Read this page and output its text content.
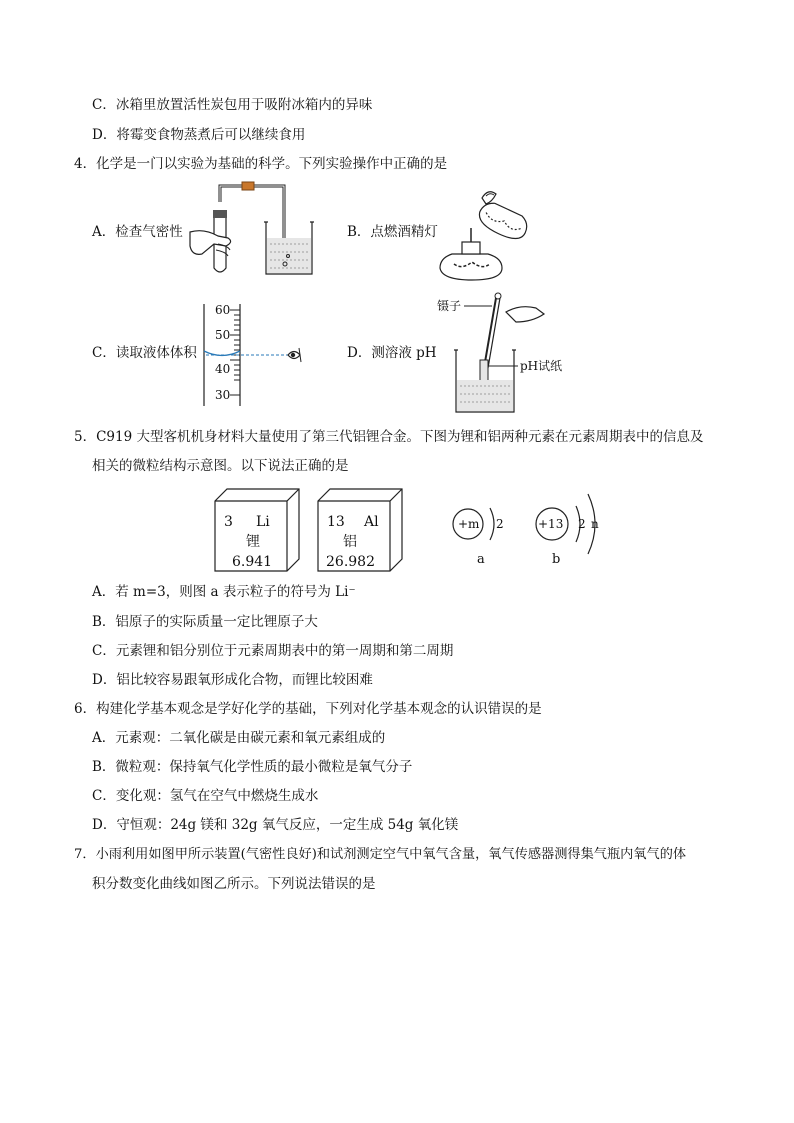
C．冰箱里放置活性炭包用于吸附冰箱内的异味
D．将霉变食物蒸煮后可以继续食用
4．化学是一门以实验为基础的科学。下列实验操作中正确的是
A．检查气密性	B．点燃酒精灯
C．读取液体体积
60
50
40
30
D．测溶液 pH
镊子
pH试纸
5．C919 大型客机机身材料大量使用了第三代铝锂合金。下图为锂和铝两种元素在元素周期表中的信息及
相关的微粒结构示意图。以下说法正确的是
3 Li
锂
6.941
13 Al
铝
26.982
+m 2
a
+13 2 n
b
A．若 m=3，则图 a 表示粒子的符号为 Li⁻
B．铝原子的实际质量一定比锂原子大
C．元素锂和铝分别位于元素周期表中的第一周期和第二周期
D．铝比较容易跟氧形成化合物，而锂比较困难
6．构建化学基本观念是学好化学的基础，下列对化学基本观念的认识错误的是
A．元素观：二氧化碳是由碳元素和氧元素组成的
B．微粒观：保持氧气化学性质的最小微粒是氧气分子
C．变化观：氢气在空气中燃烧生成水
D．守恒观：24g 镁和 32g 氧气反应，一定生成 54g 氧化镁
7．小雨利用如图甲所示装置(气密性良好)和试剂测定空气中氧气含量，氧气传感器测得集气瓶内氧气的体
积分数变化曲线如图乙所示。下列说法错误的是
